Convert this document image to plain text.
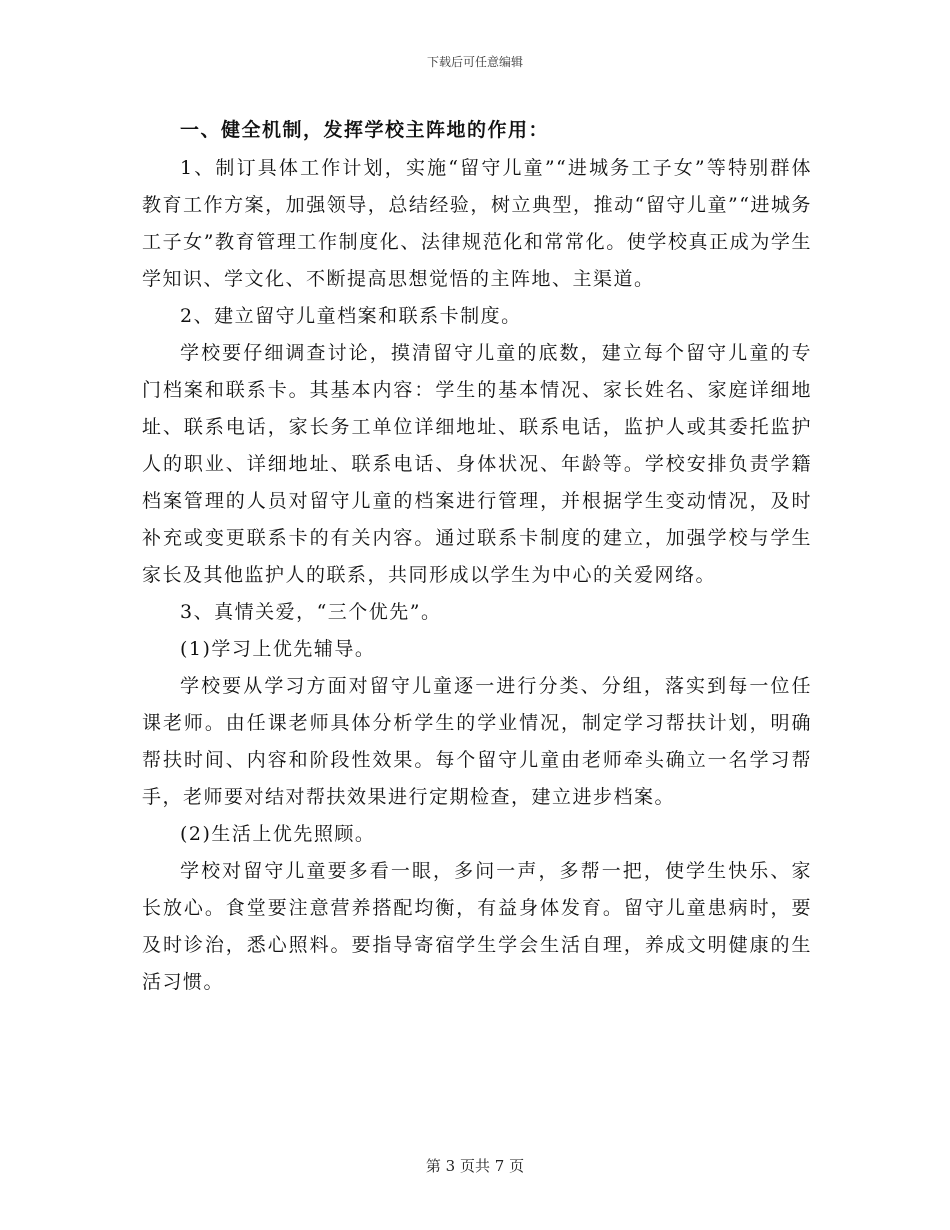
下载后可任意编辑

一、健全机制，发挥学校主阵地的作用：

1、制订具体工作计划，实施“留守儿童”“进城务工子女”等特别群体教育工作方案，加强领导，总结经验，树立典型，推动“留守儿童”“进城务工子女”教育管理工作制度化、法律规范化和常常化。使学校真正成为学生学知识、学文化、不断提高思想觉悟的主阵地、主渠道。

2、建立留守儿童档案和联系卡制度。

学校要仔细调查讨论，摸清留守儿童的底数，建立每个留守儿童的专门档案和联系卡。其基本内容：学生的基本情况、家长姓名、家庭详细地址、联系电话，家长务工单位详细地址、联系电话，监护人或其委托监护人的职业、详细地址、联系电话、身体状况、年龄等。学校安排负责学籍档案管理的人员对留守儿童的档案进行管理，并根据学生变动情况，及时补充或变更联系卡的有关内容。通过联系卡制度的建立，加强学校与学生家长及其他监护人的联系，共同形成以学生为中心的关爱网络。

3、真情关爱，“三个优先”。

(1)学习上优先辅导。

学校要从学习方面对留守儿童逐一进行分类、分组，落实到每一位任课老师。由任课老师具体分析学生的学业情况，制定学习帮扶计划，明确帮扶时间、内容和阶段性效果。每个留守儿童由老师牵头确立一名学习帮手，老师要对结对帮扶效果进行定期检查，建立进步档案。

(2)生活上优先照顾。

学校对留守儿童要多看一眼，多问一声，多帮一把，使学生快乐、家长放心。食堂要注意营养搭配均衡，有益身体发育。留守儿童患病时，要及时诊治，悉心照料。要指导寄宿学生学会生活自理，养成文明健康的生活习惯。

第 3 页共 7 页
